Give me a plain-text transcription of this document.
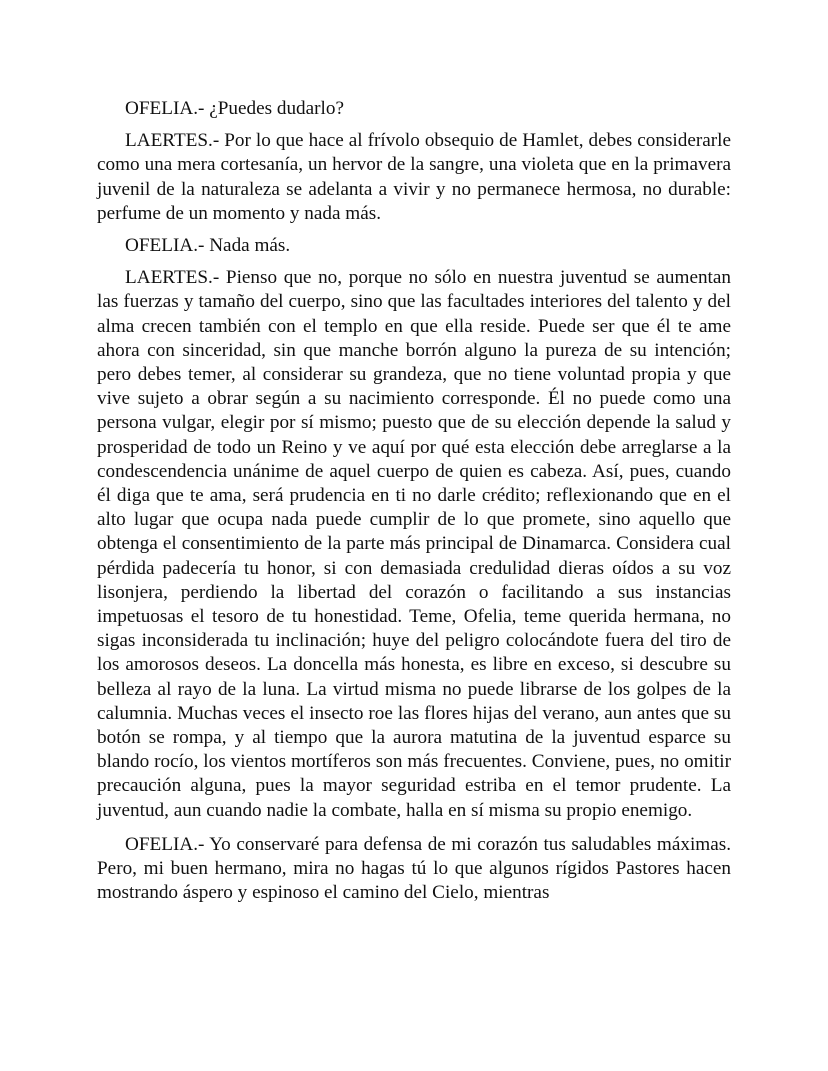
OFELIA.- ¿Puedes dudarlo?

LAERTES.- Por lo que hace al frívolo obsequio de Hamlet, debes considerarle como una mera cortesanía, un hervor de la sangre, una violeta que en la primavera juvenil de la naturaleza se adelanta a vivir y no permanece hermosa, no durable: perfume de un momento y nada más.

OFELIA.- Nada más.

LAERTES.- Pienso que no, porque no sólo en nuestra juventud se aumentan las fuerzas y tamaño del cuerpo, sino que las facultades interiores del talento y del alma crecen también con el templo en que ella reside. Puede ser que él te ame ahora con sinceridad, sin que manche borrón alguno la pureza de su intención; pero debes temer, al considerar su grandeza, que no tiene voluntad propia y que vive sujeto a obrar según a su nacimiento corresponde. Él no puede como una persona vulgar, elegir por sí mismo; puesto que de su elección depende la salud y prosperidad de todo un Reino y ve aquí por qué esta elección debe arreglarse a la condescendencia unánime de aquel cuerpo de quien es cabeza. Así, pues, cuando él diga que te ama, será prudencia en ti no darle crédito; reflexionando que en el alto lugar que ocupa nada puede cumplir de lo que promete, sino aquello que obtenga el consentimiento de la parte más principal de Dinamarca. Considera cual pérdida padecería tu honor, si con demasiada credulidad dieras oídos a su voz lisonjera, perdiendo la libertad del corazón o facilitando a sus instancias impetuosas el tesoro de tu honestidad. Teme, Ofelia, teme querida hermana, no sigas inconsiderada tu inclinación; huye del peligro colocándote fuera del tiro de los amorosos deseos. La doncella más honesta, es libre en exceso, si descubre su belleza al rayo de la luna. La virtud misma no puede librarse de los golpes de la calumnia. Muchas veces el insecto roe las flores hijas del verano, aun antes que su botón se rompa, y al tiempo que la aurora matutina de la juventud esparce su blando rocío, los vientos mortíferos son más frecuentes. Conviene, pues, no omitir precaución alguna, pues la mayor seguridad estriba en el temor prudente. La juventud, aun cuando nadie la combate, halla en sí misma su propio enemigo.

OFELIA.- Yo conservaré para defensa de mi corazón tus saludables máximas. Pero, mi buen hermano, mira no hagas tú lo que algunos rígidos Pastores hacen mostrando áspero y espinoso el camino del Cielo, mientras
